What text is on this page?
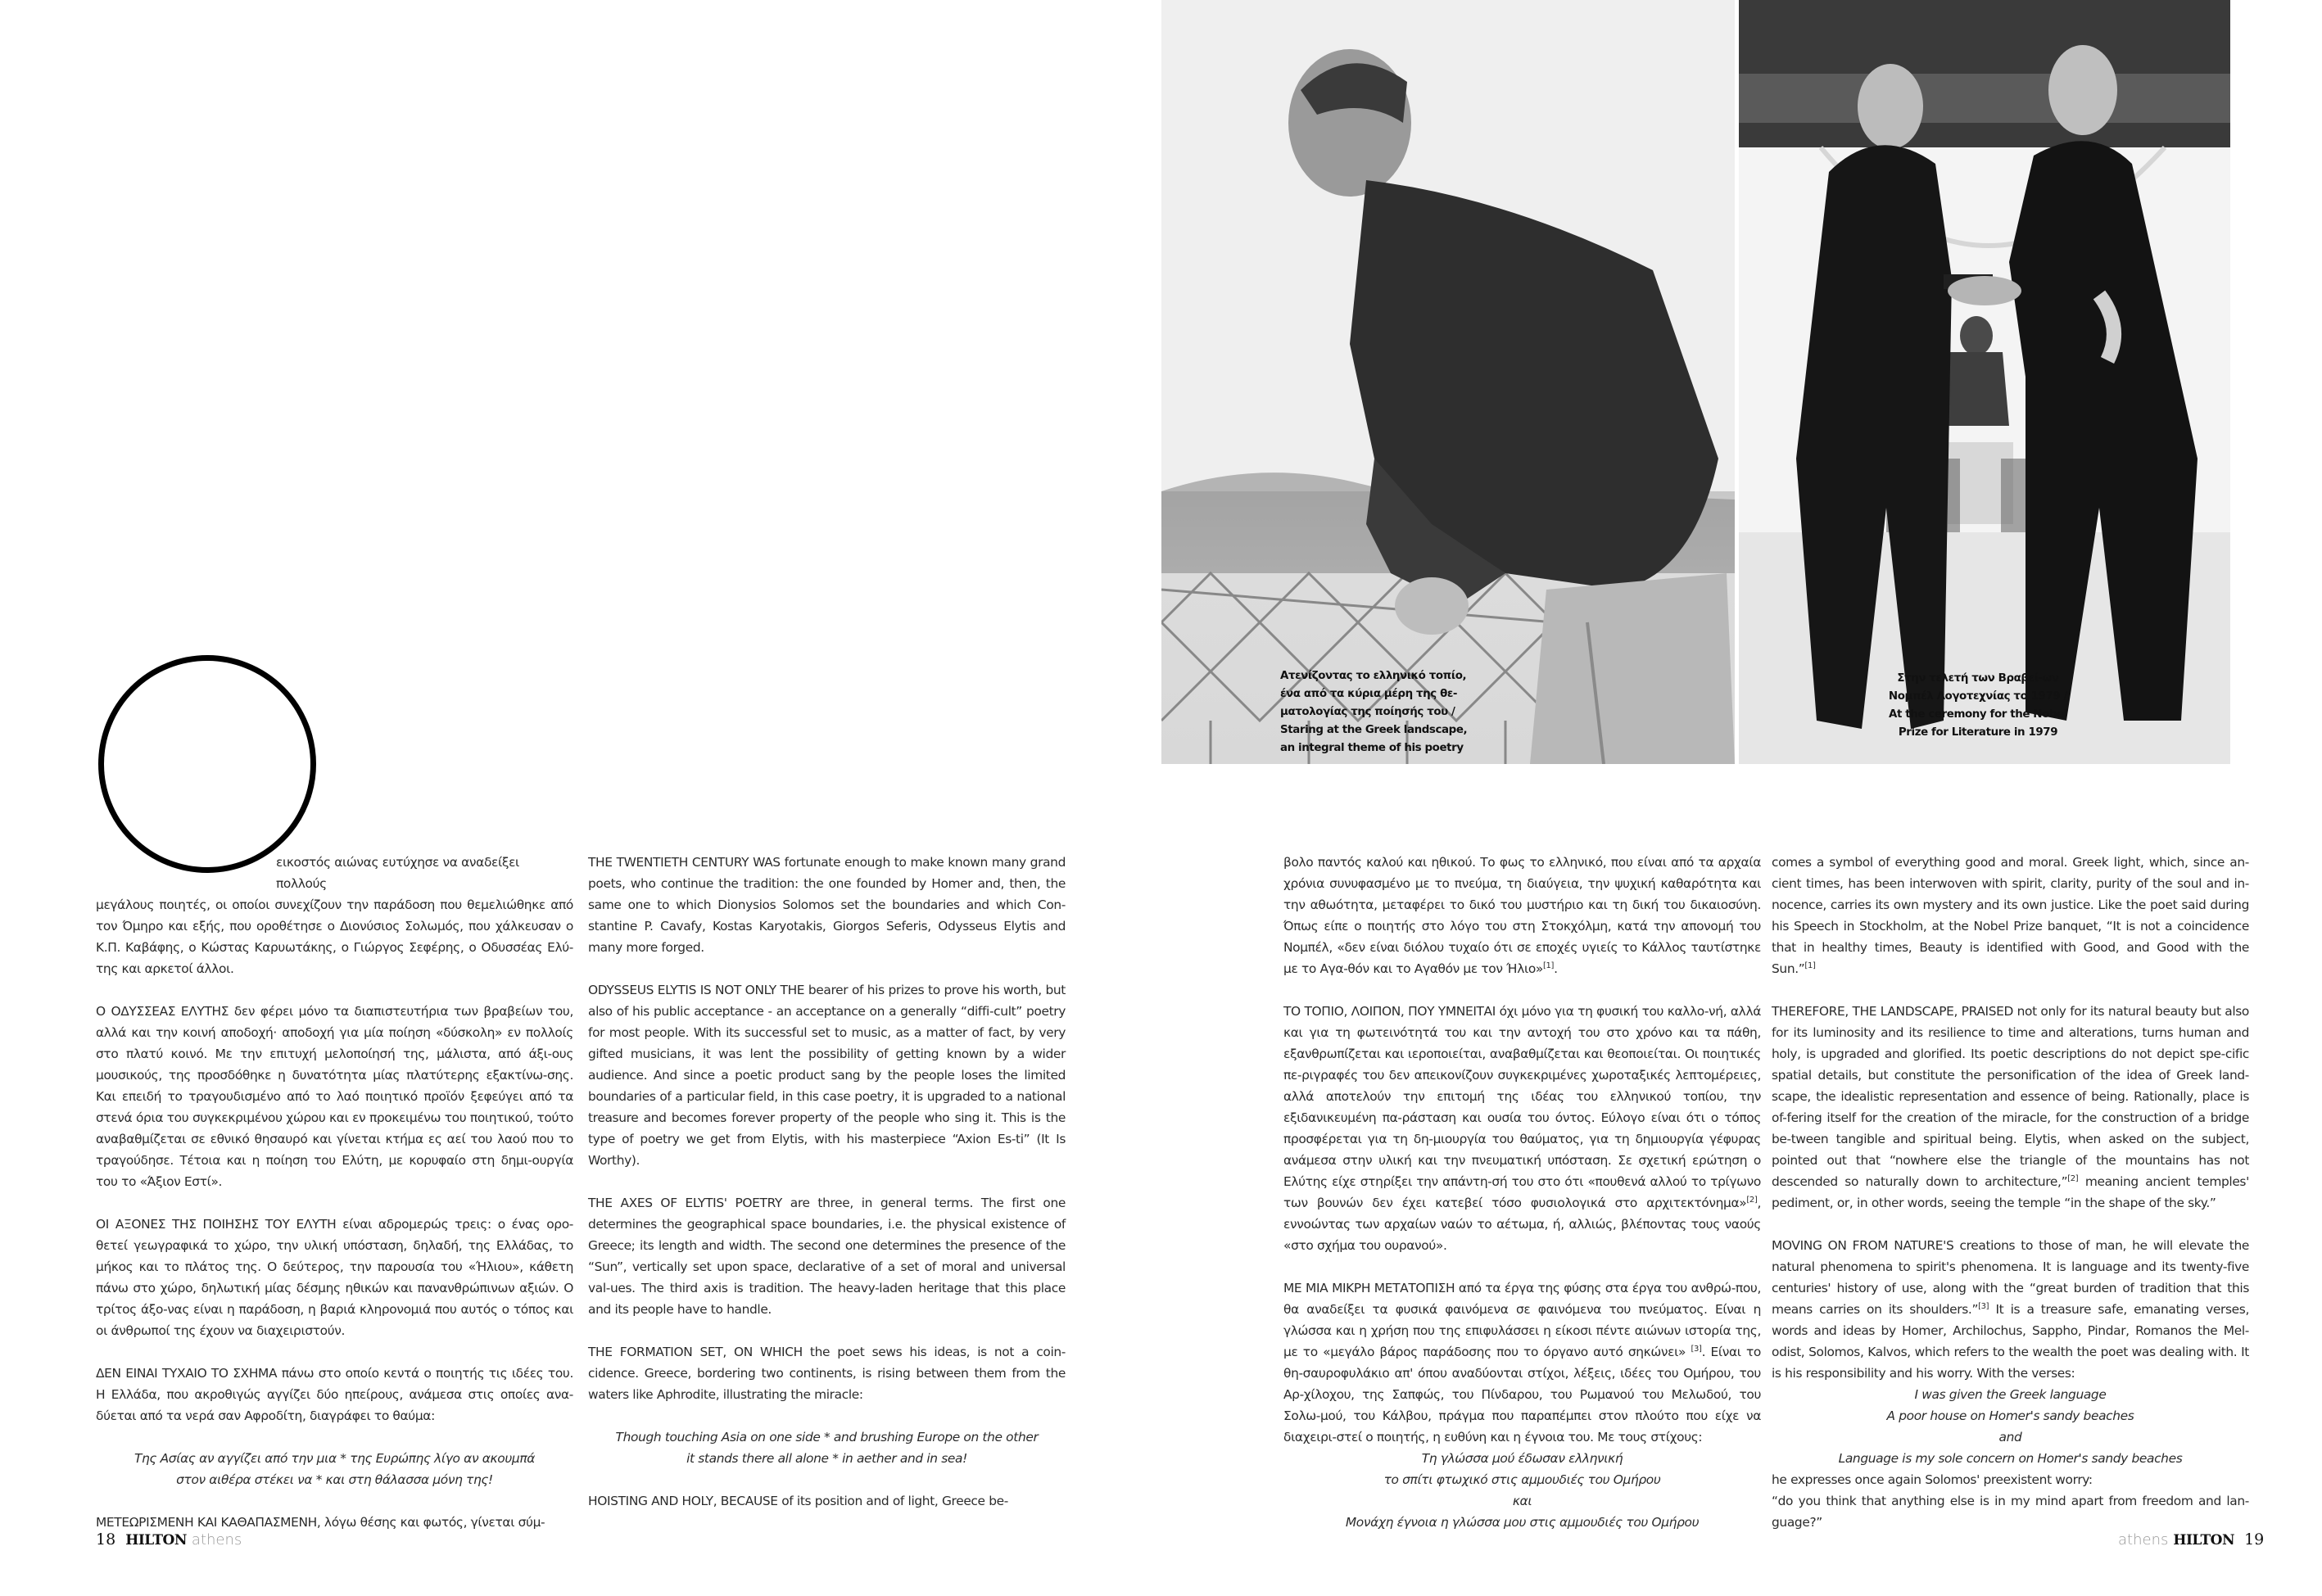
Ατενίζοντας το ελληνικό τοπίο, ένα από τα κύρια μέρη της θε-ματολογίας της ποίησής του / Staring at the Greek landscape, an integral theme of his poetry
Στην τελετή των Βραβεί-ων Νομπέλ Λογοτεχνίας το 1979 / At the ceremony for the Nobel Prize for Literature in 1979

εικοστός αιώνας ευτύχησε να αναδείξει πολλούς
μεγάλους ποιητές, οι οποίοι συνεχίζουν την παράδοση που θεμελιώθηκε από τον Όμηρο και εξής, που οροθέτησε ο Διονύσιος Σολωμός, που χάλκευσαν ο Κ.Π. Καβάφης, ο Κώστας Καρυωτάκης, ο Γιώργος Σεφέρης, ο Οδυσσέας Ελύ-της και αρκετοί άλλοι.

Ο ΟΔΥΣΣΕΑΣ ΕΛΥΤΗΣ δεν φέρει μόνο τα διαπιστευτήρια των βραβείων του, αλλά και την κοινή αποδοχή· αποδοχή για μία ποίηση «δύσκολη» εν πολλοίς στο πλατύ κοινό. Με την επιτυχή μελοποίησή της, μάλιστα, από άξι-ους μουσικούς, της προσδόθηκε η δυνατότητα μίας πλατύτερης εξακτίνω-σης. Και επειδή το τραγουδισμένο από το λαό ποιητικό προϊόν ξεφεύγει από τα στενά όρια του συγκεκριμένου χώρου και εν προκειμένω του ποιητικού, τούτο αναβαθμίζεται σε εθνικό θησαυρό και γίνεται κτήμα ες αεί του λαού που το τραγούδησε. Τέτοια και η ποίηση του Ελύτη, με κορυφαίο στη δημι-ουργία του το «Άξιον Εστί».

ΟΙ ΑΞΟΝΕΣ ΤΗΣ ΠΟΙΗΣΗΣ ΤΟΥ ΕΛΥΤΗ είναι αδρομερώς τρεις: ο ένας ορο-θετεί γεωγραφικά το χώρο, την υλική υπόσταση, δηλαδή, της Ελλάδας, το μήκος και το πλάτος της. Ο δεύτερος, την παρουσία του «Ήλιου», κάθετη πάνω στο χώρο, δηλωτική μίας δέσμης ηθικών και πανανθρώπινων αξιών. Ο τρίτος άξο-νας είναι η παράδοση, η βαριά κληρονομιά που αυτός ο τόπος και οι άνθρωποί της έχουν να διαχειριστούν.

ΔΕΝ ΕΙΝΑΙ ΤΥΧΑΙΟ ΤΟ ΣΧΗΜΑ πάνω στο οποίο κεντά ο ποιητής τις ιδέες του. Η Ελλάδα, που ακροθιγώς αγγίζει δύο ηπείρους, ανάμεσα στις οποίες ανα-δύεται από τα νερά σαν Αφροδίτη, διαγράφει το θαύμα:

Της Ασίας αν αγγίζει από την μια * της Ευρώπης λίγο αν ακουμπά
στον αιθέρα στέκει να * και στη θάλασσα μόνη της!

ΜΕΤΕΩΡΙΣΜΕΝΗ ΚΑΙ ΚΑΘΑΠΑΣΜΕΝΗ, λόγω θέσης και φωτός, γίνεται σύμ-

THE TWENTIETH CENTURY WAS fortunate enough to make known many grand poets, who continue the tradition: the one founded by Homer and, then, the same one to which Dionysios Solomos set the boundaries and which Con-stantine P. Cavafy, Kostas Karyotakis, Giorgos Seferis, Odysseus Elytis and many more forged.

ODYSSEUS ELYTIS IS NOT ONLY THE bearer of his prizes to prove his worth, but also of his public acceptance - an acceptance on a generally “diffi-cult” poetry for most people. With its successful set to music, as a matter of fact, by very gifted musicians, it was lent the possibility of getting known by a wider audience. And since a poetic product sang by the people loses the limited boundaries of a particular field, in this case poetry, it is upgraded to a national treasure and becomes forever property of the people who sing it. This is the type of poetry we get from Elytis, with his masterpiece “Axion Es-ti” (It Is Worthy).

THE AXES OF ELYTIS' POETRY are three, in general terms. The first one determines the geographical space boundaries, i.e. the physical existence of Greece; its length and width. The second one determines the presence of the “Sun”, vertically set upon space, declarative of a set of moral and universal val-ues. The third axis is tradition. The heavy-laden heritage that this place and its people have to handle.

THE FORMATION SET, ON WHICH the poet sews his ideas, is not a coin-cidence. Greece, bordering two continents, is rising between them from the waters like Aphrodite, illustrating the miracle:

Though touching Asia on one side * and brushing Europe on the other
it stands there all alone * in aether and in sea!

HOISTING AND HOLY, BECAUSE of its position and of light, Greece be-

βολο παντός καλού και ηθικού. Το φως το ελληνικό, που είναι από τα αρχαία χρόνια συνυφασμένο με το πνεύμα, τη διαύγεια, την ψυχική καθαρότητα και την αθωότητα, μεταφέρει το δικό του μυστήριο και τη δική του δικαιοσύνη. Όπως είπε ο ποιητής στο λόγο του στη Στοκχόλμη, κατά την απονομή του Νομπέλ, «δεν είναι διόλου τυχαίο ότι σε εποχές υγιείς το Κάλλος ταυτίστηκε με το Αγα-θόν και το Αγαθόν με τον Ήλιο»[1].

ΤΟ ΤΟΠΙΟ, ΛΟΙΠΟΝ, ΠΟΥ ΥΜΝΕΙΤΑΙ όχι μόνο για τη φυσική του καλλο-νή, αλλά και για τη φωτεινότητά του και την αντοχή του στο χρόνο και τα πάθη, εξανθρωπίζεται και ιεροποιείται, αναβαθμίζεται και θεοποιείται. Οι ποιητικές πε-ριγραφές του δεν απεικονίζουν συγκεκριμένες χωροταξικές λεπτομέρειες, αλλά αποτελούν την επιτομή της ιδέας του ελληνικού τοπίου, την εξιδανικευμένη πα-ράσταση και ουσία του όντος. Εύλογο είναι ότι ο τόπος προσφέρεται για τη δη-μιουργία του θαύματος, για τη δημιουργία γέφυρας ανάμεσα στην υλική και την πνευματική υπόσταση. Σε σχετική ερώτηση ο Ελύτης είχε στηρίξει την απάντη-σή του στο ότι «πουθενά αλλού το τρίγωνο των βουνών δεν έχει κατεβεί τόσο φυσιολογικά στο αρχιτεκτόνημα»[2], εννοώντας των αρχαίων ναών το αέτωμα, ή, αλλιώς, βλέποντας τους ναούς «στο σχήμα του ουρανού».

ΜΕ ΜΙΑ ΜΙΚΡΗ ΜΕΤΑΤΟΠΙΣΗ από τα έργα της φύσης στα έργα του ανθρώ-που, θα αναδείξει τα φυσικά φαινόμενα σε φαινόμενα του πνεύματος. Είναι η γλώσσα και η χρήση που της επιφυλάσσει η είκοσι πέντε αιώνων ιστορία της, με το «μεγάλο βάρος παράδοσης που το όργανο αυτό σηκώνει» [3]. Είναι το θη-σαυροφυλάκιο απ' όπου αναδύονται στίχοι, λέξεις, ιδέες του Ομήρου, του Αρ-χίλοχου, της Σαπφώς, του Πίνδαρου, του Ρωμανού του Μελωδού, του Σολω-μού, του Κάλβου, πράγμα που παραπέμπει στον πλούτο που είχε να διαχειρι-στεί ο ποιητής, η ευθύνη και η έγνοια του. Με τους στίχους:

Τη γλώσσα μού έδωσαν ελληνική
το σπίτι φτωχικό στις αμμουδιές του Ομήρου
και
Μονάχη έγνοια η γλώσσα μου στις αμμουδιές του Ομήρου

comes a symbol of everything good and moral. Greek light, which, since an-cient times, has been interwoven with spirit, clarity, purity of the soul and in-nocence, carries its own mystery and its own justice. Like the poet said during his Speech in Stockholm, at the Nobel Prize banquet, “It is not a coincidence that in healthy times, Beauty is identified with Good, and Good with the Sun.”[1]

THEREFORE, THE LANDSCAPE, PRAISED not only for its natural beauty but also for its luminosity and its resilience to time and alterations, turns human and holy, is upgraded and glorified. Its poetic descriptions do not depict spe-cific spatial details, but constitute the personification of the idea of Greek land-scape, the idealistic representation and essence of being. Rationally, place is of-fering itself for the creation of the miracle, for the construction of a bridge be-tween tangible and spiritual being. Elytis, when asked on the subject, pointed out that “nowhere else the triangle of the mountains has not descended so naturally down to architecture,”[2] meaning ancient temples' pediment, or, in other words, seeing the temple “in the shape of the sky.”

MOVING ON FROM NATURE'S creations to those of man, he will elevate the natural phenomena to spirit's phenomena. It is language and its twenty-five centuries' history of use, along with the “great burden of tradition that this means carries on its shoulders.”[3] It is a treasure safe, emanating verses, words and ideas by Homer, Archilochus, Sappho, Pindar, Romanos the Mel-odist, Solomos, Kalvos, which refers to the wealth the poet was dealing with. It is his responsibility and his worry. With the verses:

I was given the Greek language
A poor house on Homer's sandy beaches
and
Language is my sole concern on Homer's sandy beaches

he expresses once again Solomos' preexistent worry:

“do you think that anything else is in my mind apart from freedom and lan-guage?”

18 HILTON athens	athens HILTON 19
